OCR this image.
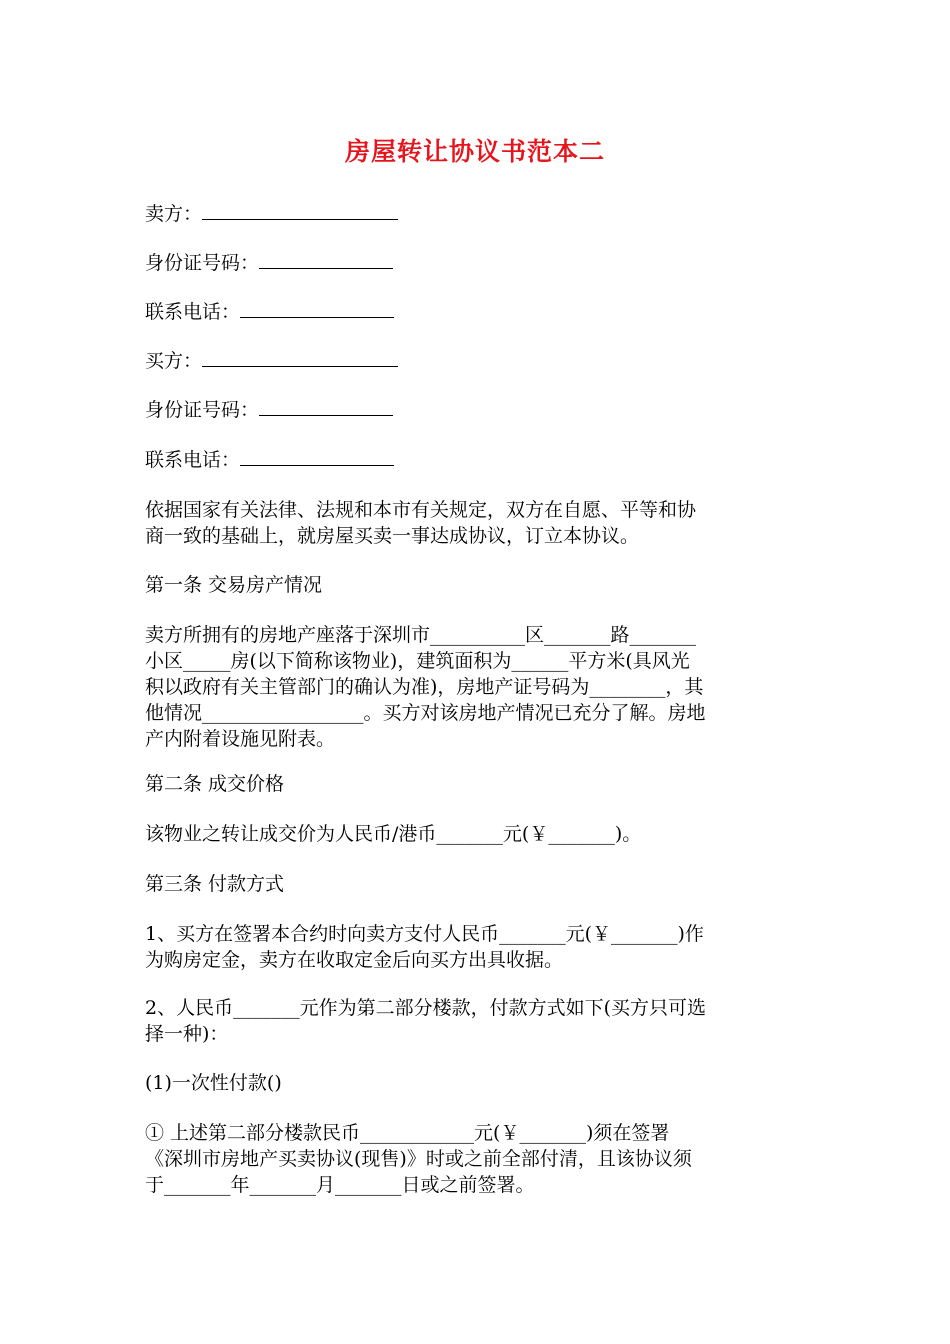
房屋转让协议书范本二
卖方：
身份证号码：
联系电话：
买方：
身份证号码：
联系电话：
依据国家有关法律、法规和本市有关规定，双方在自愿、平等和协
商一致的基础上，就房屋买卖一事达成协议，订立本协议。
第一条 交易房产情况
卖方所拥有的房地产座落于深圳市__________区_______路_______
小区_____房(以下简称该物业)，建筑面积为______平方米(具风光
积以政府有关主管部门的确认为准)，房地产证号码为________，其
他情况_________________。买方对该房地产情况已充分了解。房地
产内附着设施见附表。
第二条 成交价格
该物业之转让成交价为人民币/港币_______元(￥_______)。
第三条 付款方式
1、买方在签署本合约时向卖方支付人民币_______元(￥_______)作
为购房定金，卖方在收取定金后向买方出具收据。
2、人民币_______元作为第二部分楼款，付款方式如下(买方只可选
择一种)：
(1)一次性付款()
① 上述第二部分楼款民币____________元(￥_______)须在签署
《深圳市房地产买卖协议(现售)》时或之前全部付清，且该协议须
于_______年_______月_______日或之前签署。
